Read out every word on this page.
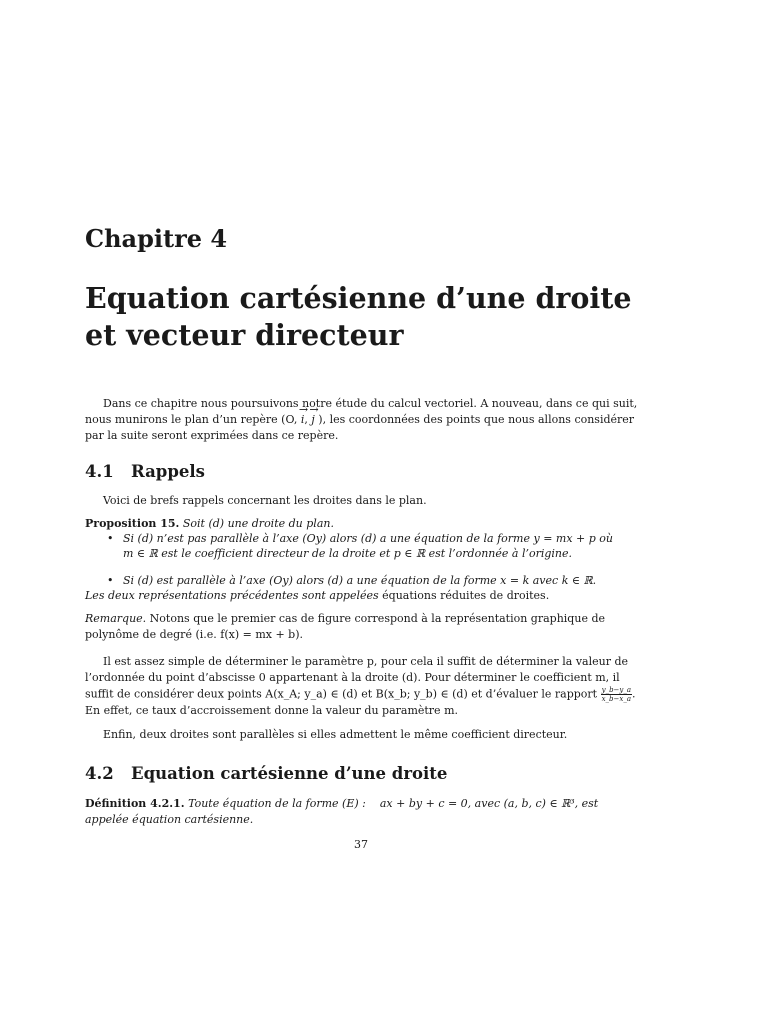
Chapitre 4
Equation cartésienne d’une droite
et vecteur directeur

Dans ce chapitre nous poursuivons notre étude du calcul vectoriel. A nouveau, dans ce qui suit,
nous munirons le plan d’un repère (O, → i, → j ), les coordonnées des points que nous allons considérer
par la suite seront exprimées dans ce repère.

4.1 Rappels

Voici de brefs rappels concernant les droites dans le plan.

Proposition 15. Soit (d) une droite du plan.
• Si (d) n’est pas parallèle à l’axe (Oy) alors (d) a une équation de la forme y = mx + p où
m ∈ ℝ est le coefficient directeur de la droite et p ∈ ℝ est l’ordonnée à l’origine.
• Si (d) est parallèle à l’axe (Oy) alors (d) a une équation de la forme x = k avec k ∈ ℝ.
Les deux représentations précédentes sont appelées équations réduites de droites.

Remarque. Notons que le premier cas de figure correspond à la représentation graphique de
polynôme de degré (i.e. f(x) = mx + b).

Il est assez simple de déterminer le paramètre p, pour cela il suffit de déterminer la valeur de
l’ordonnée du point d’abscisse 0 appartenant à la droite (d). Pour déterminer le coefficient m, il
suffit de considérer deux points A(x_A; y_a) ∈ (d) et B(x_b; y_b) ∈ (d) et d’évaluer le rapport $\frac{y\_b-y\_a}{x\_b-x\_a}$ .
En effet, ce taux d’accroissement donne la valeur du paramètre m.

Enfin, deux droites sont parallèles si elles admettent le même coefficient directeur.

4.2 Equation cartésienne d’une droite

Définition 4.2.1. Toute équation de la forme (E) : ax + by + c = 0, avec (a, b, c) ∈ ℝ³, est
appelée équation cartésienne.

37
